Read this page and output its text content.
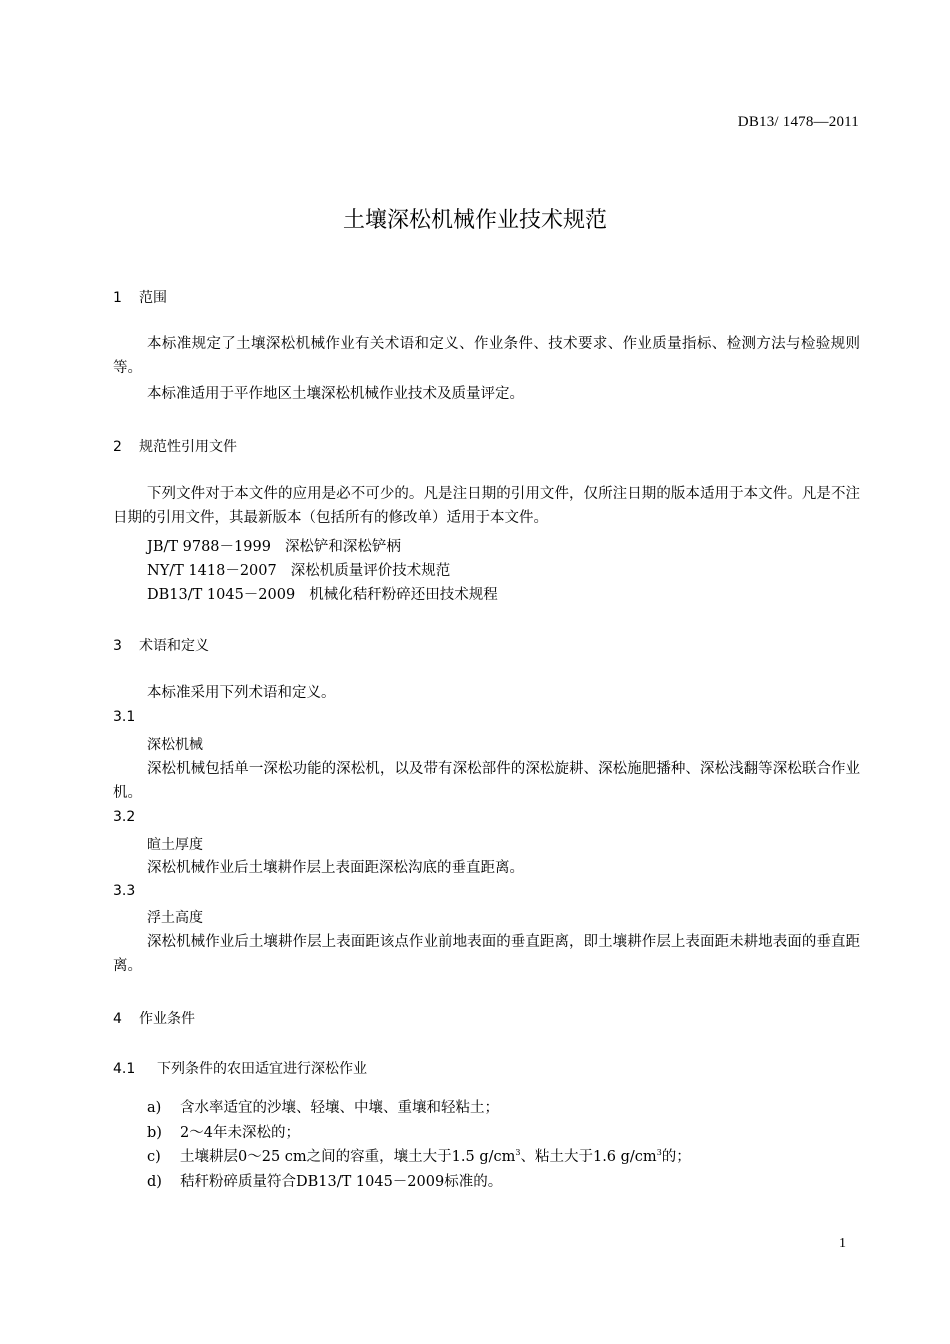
DB13/ 1478—2011
土壤深松机械作业技术规范
1 范围
本标准规定了土壤深松机械作业有关术语和定义、作业条件、技术要求、作业质量指标、检测方法与检验规则等。
本标准适用于平作地区土壤深松机械作业技术及质量评定。
2 规范性引用文件
下列文件对于本文件的应用是必不可少的。凡是注日期的引用文件，仅所注日期的版本适用于本文件。凡是不注日期的引用文件，其最新版本（包括所有的修改单）适用于本文件。
JB/T 9788－1999 深松铲和深松铲柄
NY/T 1418－2007 深松机质量评价技术规范
DB13/T 1045－2009 机械化秸秆粉碎还田技术规程
3 术语和定义
本标准采用下列术语和定义。
3.1
深松机械
深松机械包括单一深松功能的深松机，以及带有深松部件的深松旋耕、深松施肥播种、深松浅翻等深松联合作业机。
3.2
暄土厚度
深松机械作业后土壤耕作层上表面距深松沟底的垂直距离。
3.3
浮土高度
深松机械作业后土壤耕作层上表面距该点作业前地表面的垂直距离，即土壤耕作层上表面距未耕地表面的垂直距离。
4 作业条件
4.1 下列条件的农田适宜进行深松作业
a) 含水率适宜的沙壤、轻壤、中壤、重壤和轻粘土；
b) 2～4年未深松的；
c) 土壤耕层0～25 cm之间的容重，壤土大于1.5 $g/cm^3$、粘土大于1.6 $g/cm^3$的；
d) 秸秆粉碎质量符合DB13/T 1045－2009标准的。
1
